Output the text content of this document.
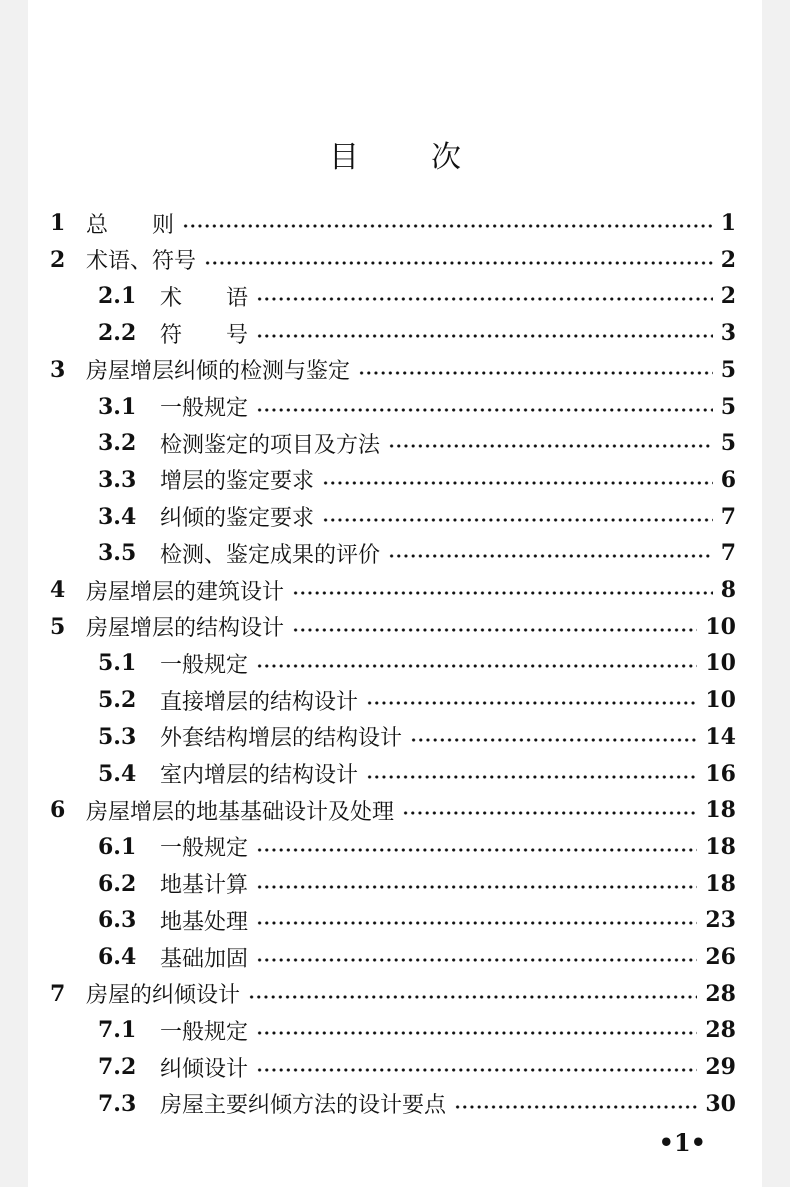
目 次
1 总　　则	1
2 术语、符号	2
2.1 术　　语	2
2.2 符　　号	3
3 房屋增层纠倾的检测与鉴定	5
3.1 一般规定	5
3.2 检测鉴定的项目及方法	5
3.3 增层的鉴定要求	6
3.4 纠倾的鉴定要求	7
3.5 检测、鉴定成果的评价	7
4 房屋增层的建筑设计	8
5 房屋增层的结构设计	10
5.1 一般规定	10
5.2 直接增层的结构设计	10
5.3 外套结构增层的结构设计	14
5.4 室内增层的结构设计	16
6 房屋增层的地基基础设计及处理	18
6.1 一般规定	18
6.2 地基计算	18
6.3 地基处理	23
6.4 基础加固	26
7 房屋的纠倾设计	28
7.1 一般规定	28
7.2 纠倾设计	29
7.3 房屋主要纠倾方法的设计要点	30
•1•
